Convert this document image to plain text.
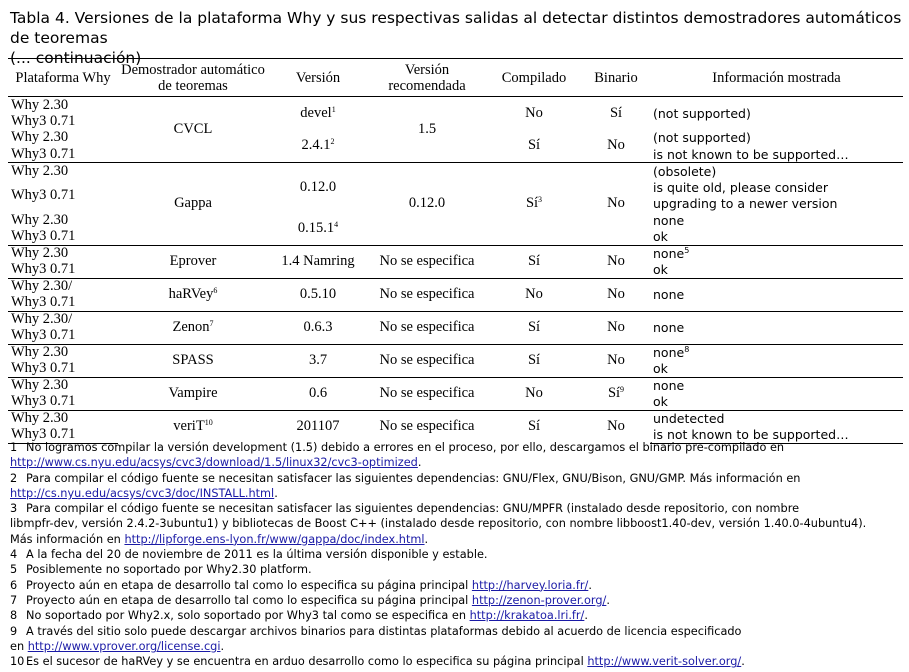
Tabla 4. Versiones de la plataforma Why y sus respectivas salidas al detectar distintos demostradores automáticos de teoremas
(... continuación)
Plataforma Why	Demostrador automático
de teoremas	Versión	Versión
recomendada	Compilado	Binario	Información mostrada
Why 2.30	CVCL	devel$^1$	1.5	No	Sí	(not supported)
Why3 0.71						
Why 2.30		2.4.1$^2$		Sí	No	(not supported)
Why3 0.71						is not known to be supported…
Why 2.30	Gappa	0.12.0	0.12.0	$Sí^3$	No	(obsolete)
Why3 0.71						is quite old, please consider
						upgrading to a newer version
Why 2.30		0.15.1$^4$				none
Why3 0.71						ok
Why 2.30	Eprover	1.4 Namring	No se especifica	Sí	No	none$^5$
Why3 0.71						ok
Why 2.30/	haRVey$^6$	0.5.10	No se especifica	No	No	none
Why3 0.71						
Why 2.30/	Zenon$^7$	0.6.3	No se especifica	Sí	No	none
Why3 0.71						
Why 2.30	SPASS	3.7	No se especifica	Sí	No	none$^8$
Why3 0.71						ok
Why 2.30	Vampire	0.6	No se especifica	No	$Sí^9$	none
Why3 0.71						ok
Why 2.30	veriT$^{10}$	201107	No se especifica	Sí	No	undetected
Why3 0.71						is not known to be supported…

1 No logramos compilar la versión development (1.5) debido a errores en el proceso, por ello, descargamos el binario pre-compilado en
http://www.cs.nyu.edu/acsys/cvc3/download/1.5/linux32/cvc3-optimized.

2 Para compilar el código fuente se necesitan satisfacer las siguientes dependencias: GNU/Flex, GNU/Bison, GNU/GMP. Más información en
http://cs.nyu.edu/acsys/cvc3/doc/INSTALL.html.

3 Para compilar el código fuente se necesitan satisfacer las siguientes dependencias: GNU/MPFR (instalado desde repositorio, con nombre
libmpfr-dev, versión 2.4.2-3ubuntu1) y bibliotecas de Boost C++ (instalado desde repositorio, con nombre libboost1.40-dev, versión 1.40.0-4ubuntu4).
Más información en http://lipforge.ens-lyon.fr/www/gappa/doc/index.html.

4 A la fecha del 20 de noviembre de 2011 es la última versión disponible y estable.

5 Posiblemente no soportado por Why2.30 platform.

6 Proyecto aún en etapa de desarrollo tal como lo especifica su página principal http://harvey.loria.fr/.

7 Proyecto aún en etapa de desarrollo tal como lo especifica su página principal http://zenon-prover.org/.

8 No soportado por Why2.x, solo soportado por Why3 tal como se especifica en http://krakatoa.lri.fr/.

9 A través del sitio solo puede descargar archivos binarios para distintas plataformas debido al acuerdo de licencia especificado
en http://www.vprover.org/license.cgi.

10 Es el sucesor de haRVey y se encuentra en arduo desarrollo como lo especifica su página principal http://www.verit-solver.org/.
